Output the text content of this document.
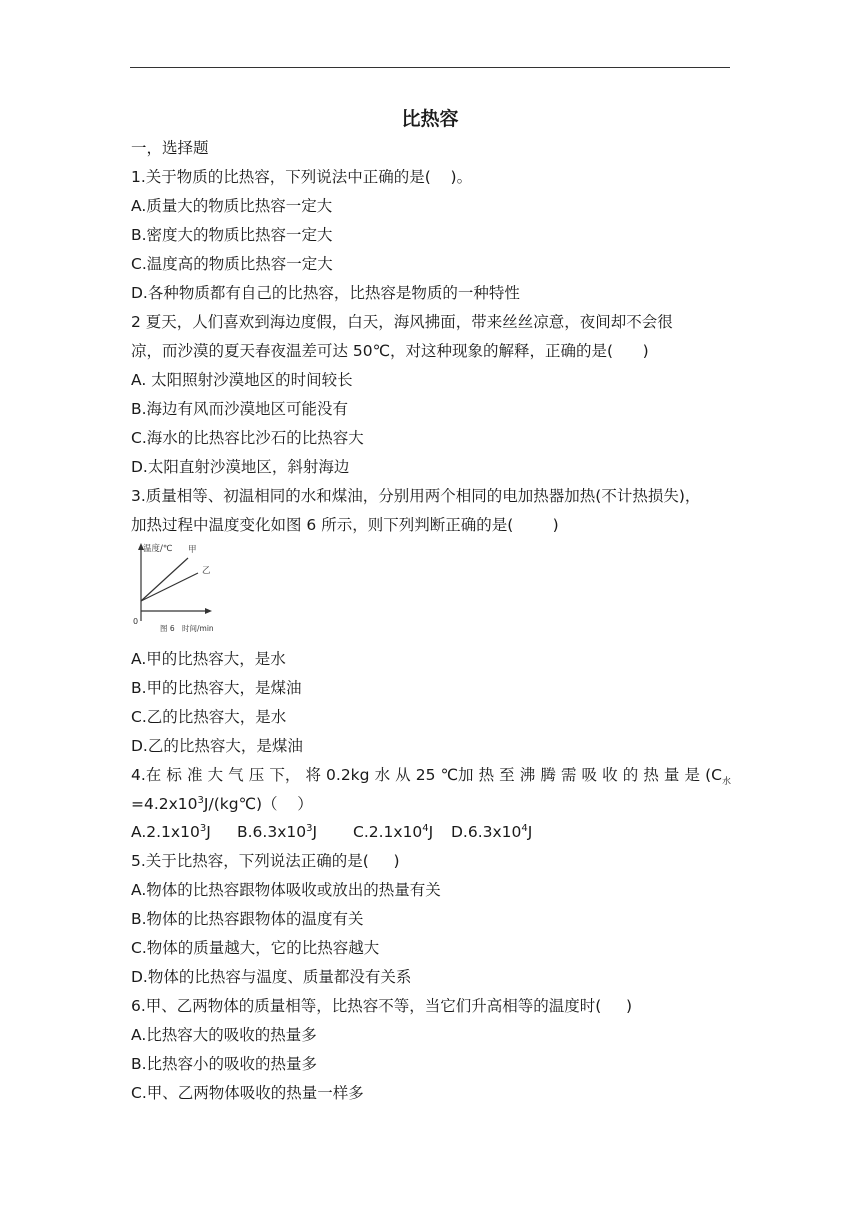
比热容
一，选择题
1.关于物质的比热容，下列说法中正确的是(    )。
A.质量大的物质比热容一定大
B.密度大的物质比热容一定大
C.温度高的物质比热容一定大
D.各种物质都有自己的比热容，比热容是物质的一种特性
2 夏天，人们喜欢到海边度假，白天，海风拂面，带来丝丝凉意，夜间却不会很
凉，而沙漠的夏天春夜温差可达 50℃，对这种现象的解释，正确的是(      )
A. 太阳照射沙漠地区的时间较长
B.海边有风而沙漠地区可能没有
C.海水的比热容比沙石的比热容大
D.太阳直射沙漠地区，斜射海边
3.质量相等、初温相同的水和煤油，分别用两个相同的电加热器加热(不计热损失)，
加热过程中温度变化如图 6 所示，则下列判断正确的是(        )
温度/℃ 甲
乙
0
图 6 时间/min
A.甲的比热容大，是水
B.甲的比热容大，是煤油
C.乙的比热容大，是水
D.乙的比热容大，是煤油
4.在 标 准 大 气 压 下， 将 0.2kg 水 从 25 ℃加 热 至 沸 腾 需 吸 收 的 热 量 是 ($C_水$
$=4.2x10^3J/(kg℃)$（    ）
$A.2.1x10^3J$ $B.6.3x10^3J$ $C.2.1x10^4J$ $D.6.3x10^4J$
5.关于比热容，下列说法正确的是(     )
A.物体的比热容跟物体吸收或放出的热量有关
B.物体的比热容跟物体的温度有关
C.物体的质量越大，它的比热容越大
D.物体的比热容与温度、质量都没有关系
6.甲、乙两物体的质量相等，比热容不等，当它们升高相等的温度时(     )
A.比热容大的吸收的热量多
B.比热容小的吸收的热量多
C.甲、乙两物体吸收的热量一样多
